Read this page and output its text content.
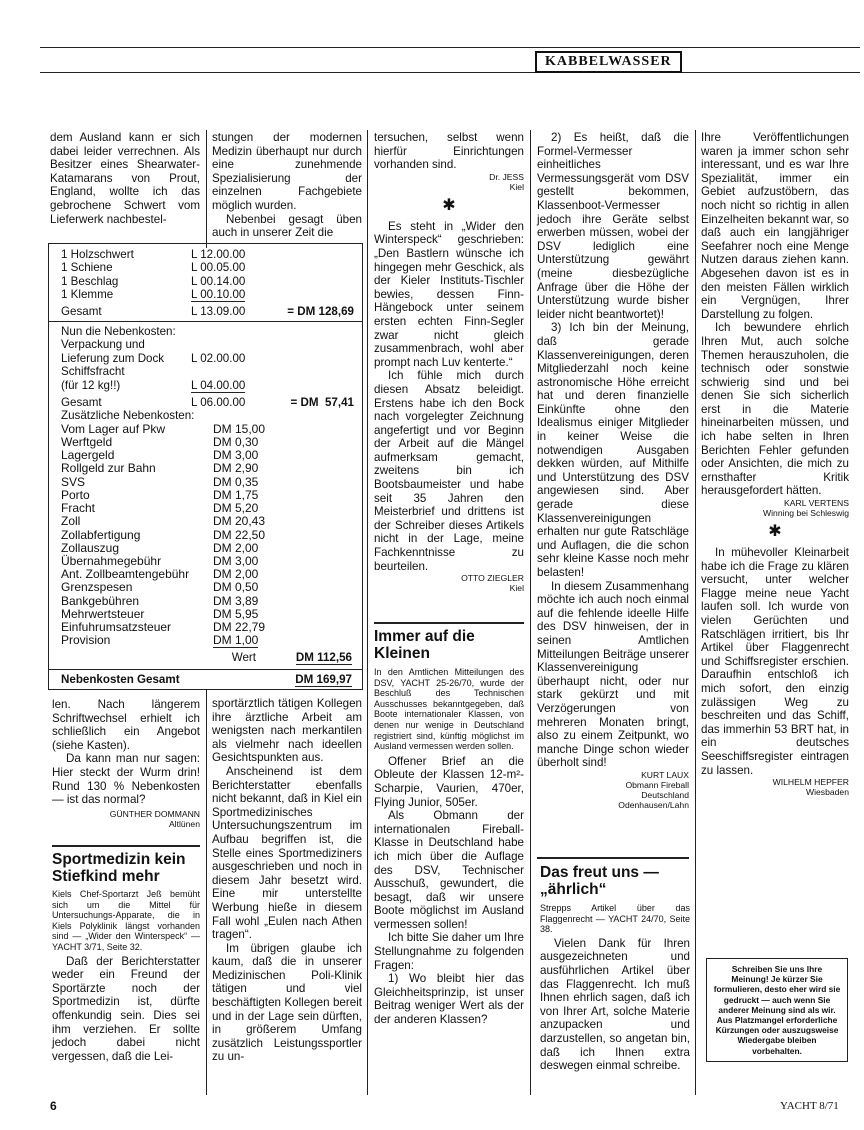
KABBELWASSER

dem Ausland kann er sich dabei leider verrechnen. Als Besitzer eines Shearwater-Katamarans von Prout, England, wollte ich das gebrochene Schwert vom Lieferwerk nachbestel-

stungen der modernen Medizin überhaupt nur durch eine zunehmende Spezialisierung der einzelnen Fachgebiete möglich wurden.

Nebenbei gesagt üben auch in unserer Zeit die

1 Holzschwert	L 12.00.00	
1 Schiene	L 00.05.00	
1 Beschlag	L 00.14.00	
1 Klemme	L 00.10.00	
Gesamt	L 13.09.00	= DM 128,69
Nun die Nebenkosten:		
Verpackung und		
Lieferung zum Dock	L 02.00.00	
Schiffsfracht		
(für 12 kg!!)	L 04.00.00	
Gesamt	L 06.00.00	= DM  57,41
Zusätzliche Nebenkosten:		
Vom Lager auf Pkw	DM 15,00	
Werftgeld	DM 0,30	
Lagergeld	DM 3,00	
Rollgeld zur Bahn	DM 2,90	
SVS	DM 0,35	
Porto	DM 1,75	
Fracht	DM 5,20	
Zoll	DM 20,43	
Zollabfertigung	DM 22,50	
Zollauszug	DM 2,00	
Übernahmegebühr	DM 3,00	
Ant. Zollbeamtengebühr	DM 2,00	
Grenzspesen	DM 0,50	
Bankgebühren	DM 3,89	
Mehrwertsteuer	DM 5,95	
Einfuhrumsatzsteuer	DM 22,79	
Provision		DM 1,00
Wert	DM 112,56
Nebenkosten Gesamt	DM 169,97

len. Nach längerem Schriftwechsel erhielt ich schließlich ein Angebot (siehe Kasten).

Da kann man nur sagen: Hier steckt der Wurm drin! Rund 130 % Nebenkosten — ist das normal?

GÜNTHER DOMMANN
Altlünen
Sportmedizin kein Stiefkind mehr
Kiels Chef-Sportarzt Jeß bemüht sich um die Mittel für Untersuchungs-Apparate, die in Kiels Polyklinik längst vorhanden sind — „Wider den Winterspeck“ — YACHT 3/71, Seite 32.

Daß der Berichterstatter weder ein Freund der Sportärzte noch der Sportmedizin ist, dürfte offenkundig sein. Dies sei ihm verziehen. Er sollte jedoch dabei nicht vergessen, daß die Lei-

sportärztlich tätigen Kollegen ihre ärztliche Arbeit am wenigsten nach merkantilen als vielmehr nach ideellen Gesichtspunkten aus.

Anscheinend ist dem Berichterstatter ebenfalls nicht bekannt, daß in Kiel ein Sportmedizinisches Untersuchungszentrum im Aufbau begriffen ist, die Stelle eines Sportmediziners ausgeschrieben und noch in diesem Jahr besetzt wird. Eine mir unterstellte Werbung hieße in diesem Fall wohl „Eulen nach Athen tragen“.

Im übrigen glaube ich kaum, daß die in unserer Medizinischen Poli-Klinik tätigen und viel beschäftigten Kollegen bereit und in der Lage sein dürften, in größerem Umfang zusätzlich Leistungssportler zu un-

tersuchen, selbst wenn hierfür Einrichtungen vorhanden sind.

Dr. JESS
Kiel
✱

Es steht in „Wider den Winterspeck“ geschrieben: „Den Bastlern wünsche ich hingegen mehr Geschick, als der Kieler Instituts-Tischler bewies, dessen Finn-Hängebock unter seinem ersten echten Finn-Segler zwar nicht gleich zusammenbrach, wohl aber prompt nach Luv kenterte.“

Ich fühle mich durch diesen Absatz beleidigt. Erstens habe ich den Bock nach vorgelegter Zeichnung angefertigt und vor Beginn der Arbeit auf die Mängel aufmerksam gemacht, zweitens bin ich Bootsbaumeister und habe seit 35 Jahren den Meisterbrief und drittens ist der Schreiber dieses Artikels nicht in der Lage, meine Fachkenntnisse zu beurteilen.

OTTO ZIEGLER
Kiel
Immer auf die Kleinen
In den Amtlichen Mitteilungen des DSV, YACHT 25-26/70, wurde der Beschluß des Technischen Ausschusses bekanntgegeben, daß Boote internationaler Klassen, von denen nur wenige in Deutschland registriert sind, künftig möglichst im Ausland vermessen werden sollen.

Offener Brief an die Obleute der Klassen 12-m²-Scharpie, Vaurien, 470er, Flying Junior, 505er.

Als Obmann der internationalen Fireball-Klasse in Deutschland habe ich mich über die Auflage des DSV, Technischer Ausschuß, gewundert, die besagt, daß wir unsere Boote möglichst im Ausland vermessen sollen!

Ich bitte Sie daher um Ihre Stellungnahme zu folgenden Fragen:

1) Wo bleibt hier das Gleichheitsprinzip, ist unser Beitrag weniger Wert als der der anderen Klassen?

2) Es heißt, daß die Formel-Vermesser einheitliches Vermessungsgerät vom DSV gestellt bekommen, Klassenboot-Vermesser jedoch ihre Geräte selbst erwerben müssen, wobei der DSV lediglich eine Unterstützung gewährt (meine diesbezügliche Anfrage über die Höhe der Unterstützung wurde bisher leider nicht beantwortet)!

3) Ich bin der Meinung, daß gerade Klassenvereinigungen, deren Mitgliederzahl noch keine astronomische Höhe erreicht hat und deren finanzielle Einkünfte ohne den Idealismus einiger Mitglieder in keiner Weise die notwendigen Ausgaben dekken würden, auf Mithilfe und Unterstützung des DSV angewiesen sind. Aber gerade diese Klassenvereinigungen erhalten nur gute Ratschläge und Auflagen, die die schon sehr kleine Kasse noch mehr belasten!

In diesem Zusammenhang möchte ich auch noch einmal auf die fehlende ideelle Hilfe des DSV hinweisen, der in seinen Amtlichen Mitteilungen Beiträge unserer Klassenvereinigung überhaupt nicht, oder nur stark gekürzt und mit Verzögerungen von mehreren Monaten bringt, also zu einem Zeitpunkt, wo manche Dinge schon wieder überholt sind!

KURT LAUX
Obmann Fireball
Deutschland
Odenhausen/Lahn
Das freut uns — „ährlich“
Strepps Artikel über das Flaggenrecht — YACHT 24/70, Seite 38.

Vielen Dank für Ihren ausgezeichneten und ausführlichen Artikel über das Flaggenrecht. Ich muß Ihnen ehrlich sagen, daß ich von Ihrer Art, solche Materie anzupacken und darzustellen, so angetan bin, daß ich Ihnen extra deswegen einmal schreibe.

Ihre Veröffentlichungen waren ja immer schon sehr interessant, und es war Ihre Spezialität, immer ein Gebiet aufzustöbern, das noch nicht so richtig in allen Einzelheiten bekannt war, so daß auch ein langjähriger Seefahrer noch eine Menge Nutzen daraus ziehen kann. Abgesehen davon ist es in den meisten Fällen wirklich ein Vergnügen, Ihrer Darstellung zu folgen.

Ich bewundere ehrlich Ihren Mut, auch solche Themen herauszuholen, die technisch oder sonstwie schwierig sind und bei denen Sie sich sicherlich erst in die Materie hineinarbeiten müssen, und ich habe selten in Ihren Berichten Fehler gefunden oder Ansichten, die mich zu ernsthafter Kritik herausgefordert hätten.

KARL VERTENS
Winning bei Schleswig
✱

In mühevoller Kleinarbeit habe ich die Frage zu klären versucht, unter welcher Flagge meine neue Yacht laufen soll. Ich wurde von vielen Gerüchten und Ratschlägen irritiert, bis Ihr Artikel über Flaggenrecht und Schiffsregister erschien. Daraufhin entschloß ich mich sofort, den einzig zulässigen Weg zu beschreiten und das Schiff, das immerhin 53 BRT hat, in ein deutsches Seeschiffsregister eintragen zu lassen.

WILHELM HEPFER
Wiesbaden
Schreiben Sie uns Ihre Meinung! Je kürzer Sie formulieren, desto eher wird sie gedruckt — auch wenn Sie anderer Meinung sind als wir. Aus Platzmangel erforderliche Kürzungen oder auszugsweise Wiedergabe bleiben vorbehalten.
6	YACHT 8/71
